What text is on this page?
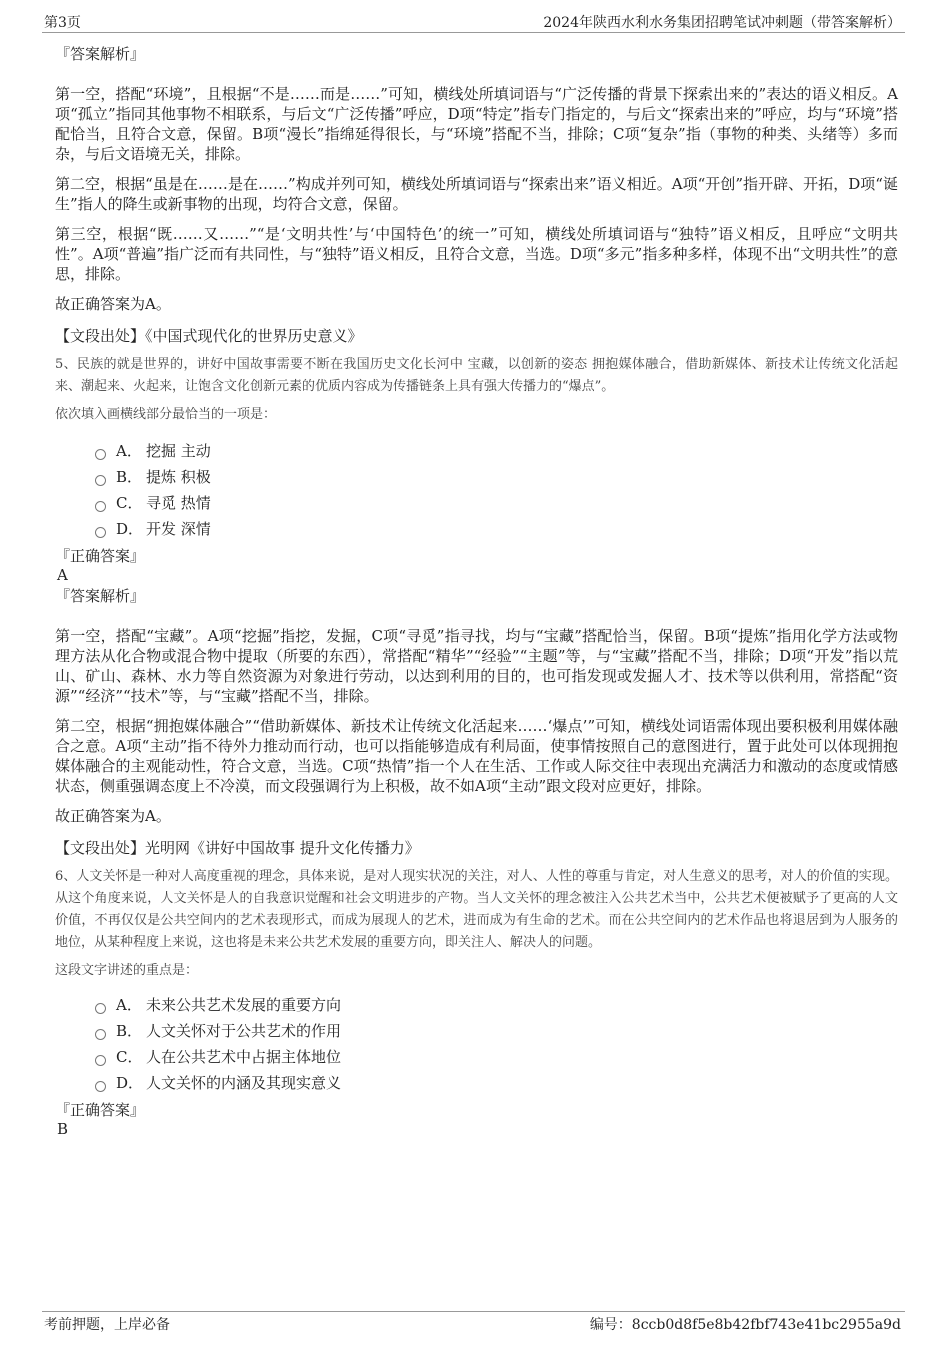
第3页	2024年陕西水利水务集团招聘笔试冲刺题（带答案解析）

『答案解析』

第一空，搭配“环境”，且根据“不是……而是……”可知，横线处所填词语与“广泛传播的背景下探索出来的”表达的语义相反。A项“孤立”指同其他事物不相联系，与后文“广泛传播”呼应，D项“特定”指专门指定的，与后文“探索出来的”呼应，均与“环境”搭配恰当，且符合文意，保留。B项“漫长”指绵延得很长，与“环境”搭配不当，排除；C项“复杂”指（事物的种类、头绪等）多而杂，与后文语境无关，排除。

第二空，根据“虽是在……是在……”构成并列可知，横线处所填词语与“探索出来”语义相近。A项“开创”指开辟、开拓，D项“诞生”指人的降生或新事物的出现，均符合文意，保留。

第三空，根据“既……又……”“是‘文明共性’与‘中国特色’的统一”可知，横线处所填词语与“独特”语义相反，且呼应“文明共性”。A项“普遍”指广泛而有共同性，与“独特”语义相反，且符合文意，当选。D项“多元”指多种多样，体现不出“文明共性”的意思，排除。

故正确答案为A。

【文段出处】《中国式现代化的世界历史意义》

5、民族的就是世界的，讲好中国故事需要不断在我国历史文化长河中 宝藏，以创新的姿态 拥抱媒体融合，借助新媒体、新技术让传统文化活起来、潮起来、火起来，让饱含文化创新元素的优质内容成为传播链条上具有强大传播力的“爆点”。

依次填入画横线部分最恰当的一项是：

A． 挖掘 主动
B． 提炼 积极
C． 寻觅 热情
D． 开发 深情

『正确答案』

A

『答案解析』

第一空，搭配“宝藏”。A项“挖掘”指挖，发掘，C项“寻觅”指寻找，均与“宝藏”搭配恰当，保留。B项“提炼”指用化学方法或物理方法从化合物或混合物中提取（所要的东西），常搭配“精华”“经验”“主题”等，与“宝藏”搭配不当，排除；D项“开发”指以荒山、矿山、森林、水力等自然资源为对象进行劳动，以达到利用的目的，也可指发现或发掘人才、技术等以供利用，常搭配“资源”“经济”“技术”等，与“宝藏”搭配不当，排除。

第二空，根据“拥抱媒体融合”“借助新媒体、新技术让传统文化活起来……‘爆点’”可知，横线处词语需体现出要积极利用媒体融合之意。A项“主动”指不待外力推动而行动，也可以指能够造成有利局面，使事情按照自己的意图进行，置于此处可以体现拥抱媒体融合的主观能动性，符合文意，当选。C项“热情”指一个人在生活、工作或人际交往中表现出充满活力和激动的态度或情感状态，侧重强调态度上不冷漠，而文段强调行为上积极，故不如A项“主动”跟文段对应更好，排除。

故正确答案为A。

【文段出处】光明网《讲好中国故事 提升文化传播力》

6、人文关怀是一种对人高度重视的理念，具体来说，是对人现实状况的关注，对人、人性的尊重与肯定，对人生意义的思考，对人的价值的实现。从这个角度来说，人文关怀是人的自我意识觉醒和社会文明进步的产物。当人文关怀的理念被注入公共艺术当中，公共艺术便被赋予了更高的人文价值，不再仅仅是公共空间内的艺术表现形式，而成为展现人的艺术，进而成为有生命的艺术。而在公共空间内的艺术作品也将退居到为人服务的地位，从某种程度上来说，这也将是未来公共艺术发展的重要方向，即关注人、解决人的问题。

这段文字讲述的重点是：

A． 未来公共艺术发展的重要方向
B． 人文关怀对于公共艺术的作用
C． 人在公共艺术中占据主体地位
D． 人文关怀的内涵及其现实意义

『正确答案』

B

考前押题，上岸必备	编号：8ccb0d8f5e8b42fbf743e41bc2955a9d
